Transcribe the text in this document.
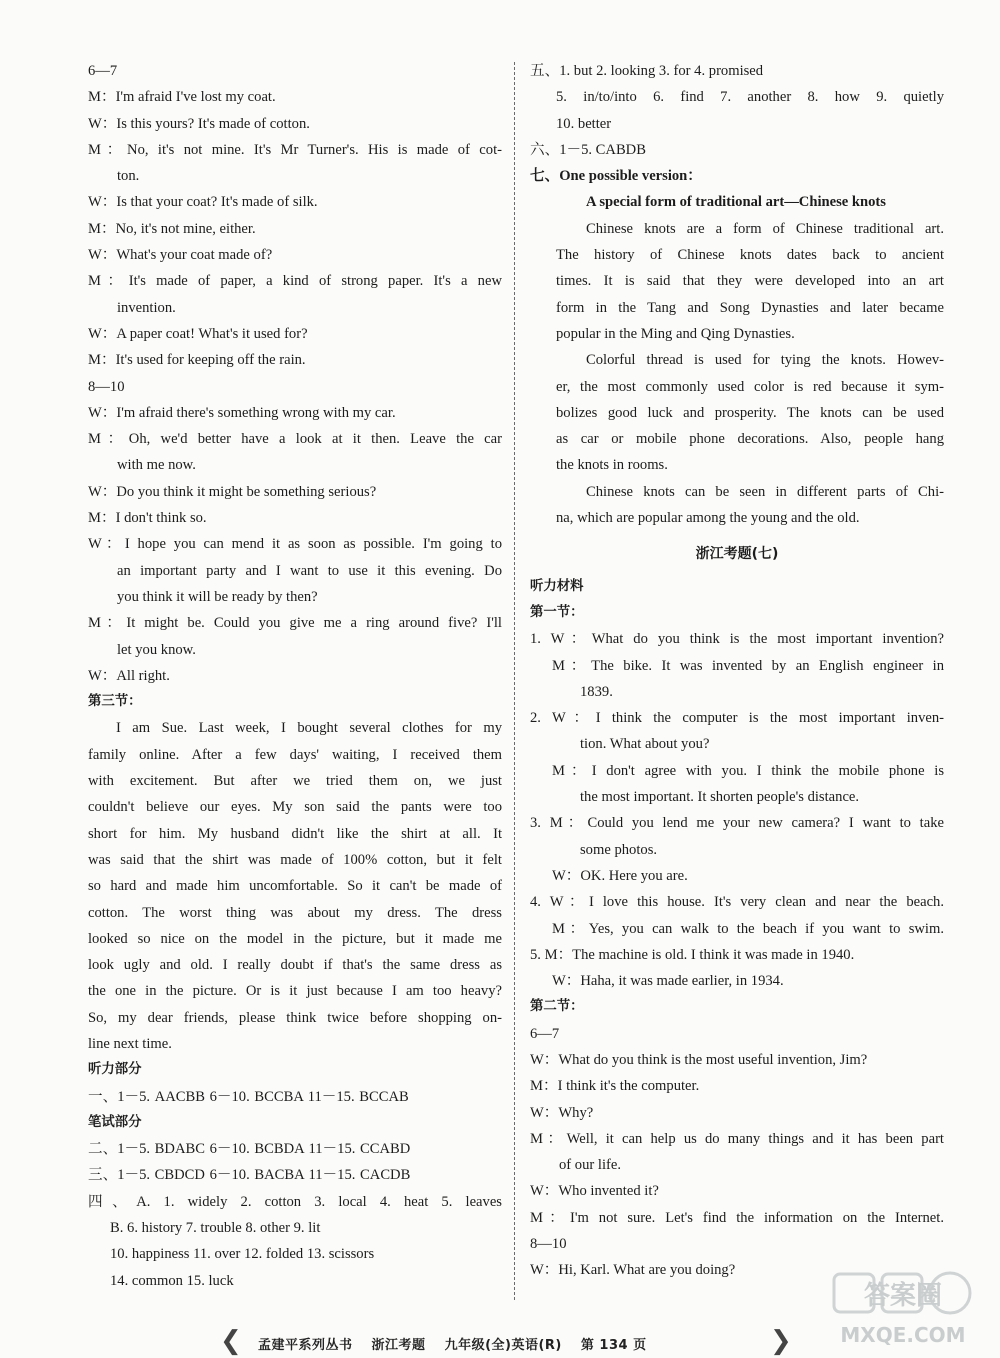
6—7
M：I'm afraid I've lost my coat.
W：Is this yours? It's made of cotton.
M：No, it's not mine. It's Mr Turner's. His is made of cot-
ton.
W：Is that your coat? It's made of silk.
M：No, it's not mine, either.
W：What's your coat made of?
M：It's made of paper, a kind of strong paper. It's a new
invention.
W：A paper coat! What's it used for?
M：It's used for keeping off the rain.
8—10
W：I'm afraid there's something wrong with my car.
M：Oh, we'd better have a look at it then. Leave the car
with me now.
W：Do you think it might be something serious?
M：I don't think so.
W：I hope you can mend it as soon as possible. I'm going to
an important party and I want to use it this evening. Do
you think it will be ready by then?
M：It might be. Could you give me a ring around five? I'll
let you know.
W：All right.
第三节：
I am Sue. Last week, I bought several clothes for my
family online. After a few days' waiting, I received them
with excitement. But after we tried them on, we just
couldn't believe our eyes. My son said the pants were too
short for him. My husband didn't like the shirt at all. It
was said that the shirt was made of 100% cotton, but it felt
so hard and made him uncomfortable. So it can't be made of
cotton. The worst thing was about my dress. The dress
looked so nice on the model in the picture, but it made me
look ugly and old. I really doubt if that's the same dress as
the one in the picture. Or is it just because I am too heavy?
So, my dear friends, please think twice before shopping on-
line next time.
听力部分
一、1－5. AACBB 6－10. BCCBA 11－15. BCCAB
笔试部分
二、1－5. BDABC 6－10. BCBDA 11－15. CCABD
三、1－5. CBDCD 6－10. BACBA 11－15. CACDB
四、A. 1. widely 2. cotton 3. local 4. heat 5. leaves
B. 6. history 7. trouble 8. other 9. lit
10. happiness 11. over 12. folded 13. scissors
14. common 15. luck
五、1. but 2. looking 3. for 4. promised
5. in/to/into 6. find 7. another 8. how 9. quietly
10. better
六、1－5. CABDB
七、One possible version：
A special form of traditional art—Chinese knots
Chinese knots are a form of Chinese traditional art.
The history of Chinese knots dates back to ancient
times. It is said that they were developed into an art
form in the Tang and Song Dynasties and later became
popular in the Ming and Qing Dynasties.
Colorful thread is used for tying the knots. Howev-
er, the most commonly used color is red because it sym-
bolizes good luck and prosperity. The knots can be used
as car or mobile phone decorations. Also, people hang
the knots in rooms.
Chinese knots can be seen in different parts of Chi-
na, which are popular among the young and the old.
浙江考题(七)
听力材料
第一节：
1. W：What do you think is the most important invention?
M：The bike. It was invented by an English engineer in
1839.
2. W：I think the computer is the most important inven-
tion. What about you?
M：I don't agree with you. I think the mobile phone is
the most important. It shorten people's distance.
3. M：Could you lend me your new camera? I want to take
some photos.
W：OK. Here you are.
4. W：I love this house. It's very clean and near the beach.
M：Yes, you can walk to the beach if you want to swim.
5. M：The machine is old. I think it was made in 1940.
W：Haha, it was made earlier, in 1934.
第二节：
6—7
W：What do you think is the most useful invention, Jim?
M：I think it's the computer.
W：Why?
M：Well, it can help us do many things and it has been part
of our life.
W：Who invented it?
M：I'm not sure. Let's find the information on the Internet.
8—10
W：Hi, Karl. What are you doing?
❮ 孟建平系列丛书 浙江考题 九年级(全)英语(R) 第 134 页	❯
答案圈
MXQE.COM
